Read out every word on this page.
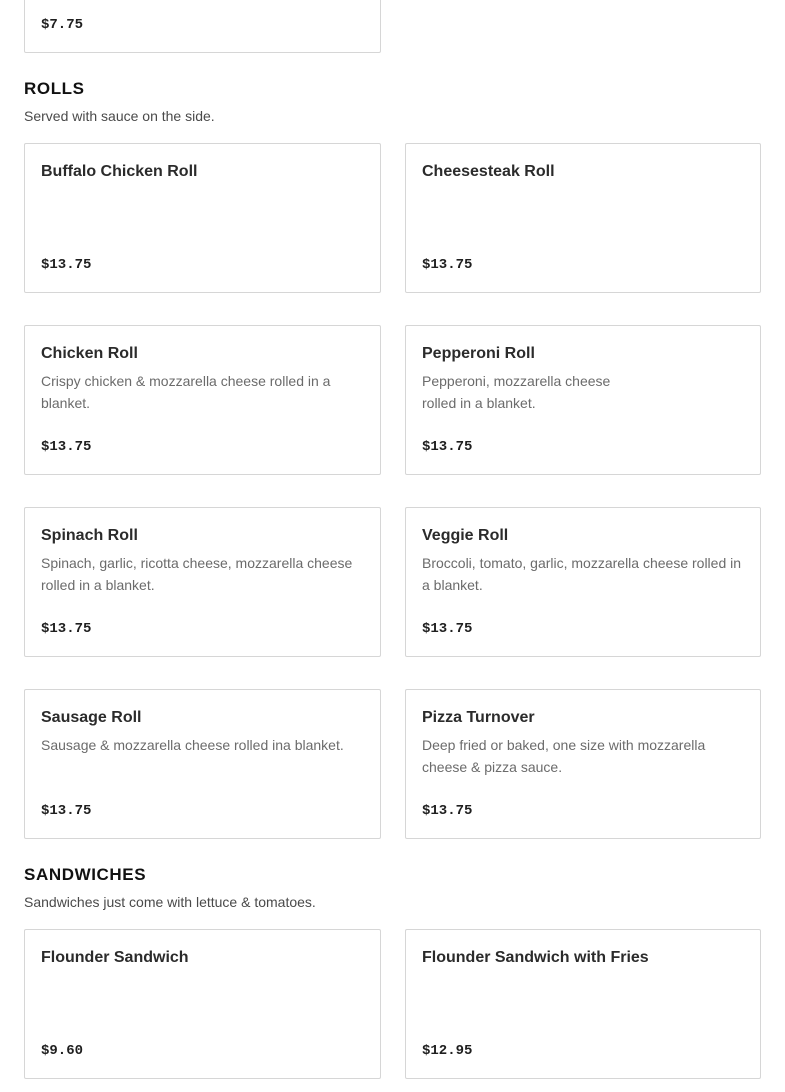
$7.75
ROLLS

Served with sauce on the side.

Buffalo Chicken Roll
$13.75
Cheesesteak Roll
$13.75
Chicken Roll
Crispy chicken & mozzarella cheese rolled in a blanket.
$13.75
Pepperoni Roll
Pepperoni, mozzarella cheese rolled in a blanket.
$13.75
Spinach Roll
Spinach, garlic, ricotta cheese, mozzarella cheese rolled in a blanket.
$13.75
Veggie Roll
Broccoli, tomato, garlic, mozzarella cheese rolled in a blanket.
$13.75
Sausage Roll
Sausage & mozzarella cheese rolled ina blanket.
$13.75
Pizza Turnover
Deep fried or baked, one size with mozzarella cheese & pizza sauce.
$13.75
SANDWICHES

Sandwiches just come with lettuce & tomatoes.

Flounder Sandwich
$9.60
Flounder Sandwich with Fries
$12.95
